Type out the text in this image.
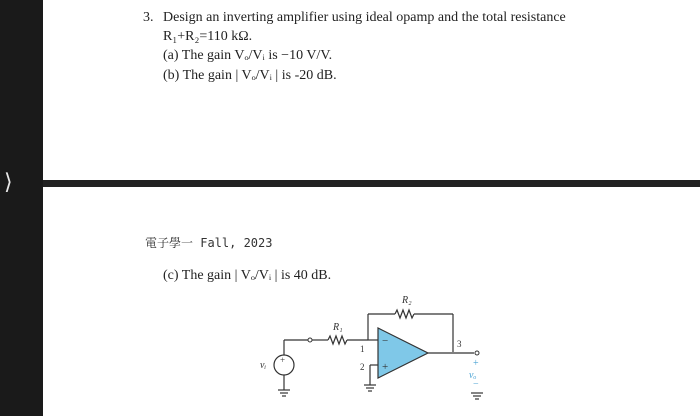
⟩
3. Design an inverting amplifier using ideal opamp and the total resistance
R₁+R₂=110 kΩ.
(a) The gain Vₒ/Vᵢ is −10 V/V.
(b) The gain | Vₒ/Vᵢ | is -20 dB.
電子學一 Fall, 2023
(c) The gain | Vₒ/Vᵢ | is 40 dB.
+
vᵢ
R₁
R₂
1
2
−
+
3
+
vₒ
−
